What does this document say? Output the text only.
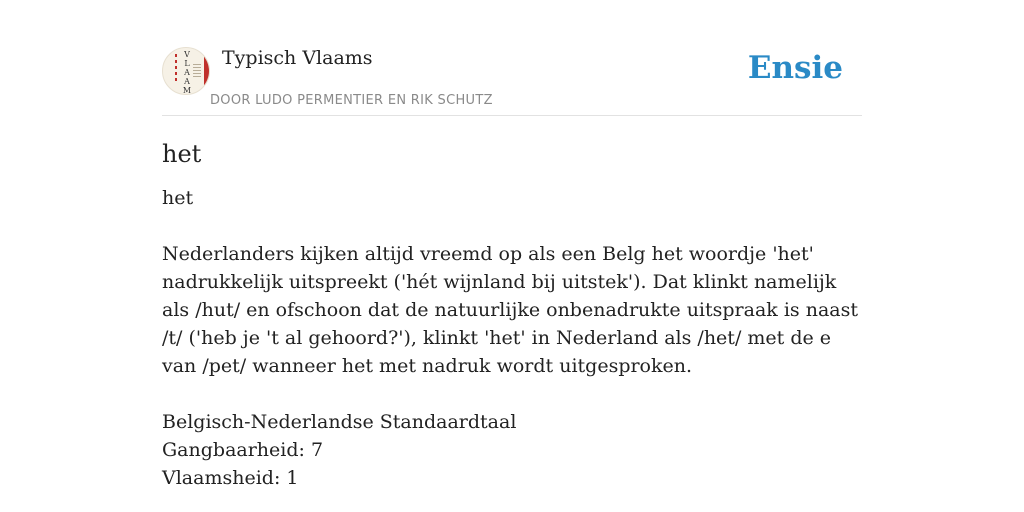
V
L
A
A
M
Typisch Vlaams
DOOR LUDO PERMENTIER EN RIK SCHUTZ
Ensie
het

het

Nederlanders kijken altijd vreemd op als een Belg het woordje 'het' nadrukkelijk uitspreekt ('hét wijnland bij uitstek'). Dat klinkt namelijk als /hut/ en ofschoon dat de natuurlijke onbenadrukte uitspraak is naast /t/ ('heb je 't al gehoord?'), klinkt 'het' in Nederland als /het/ met de e van /pet/ wanneer het met nadruk wordt uitgesproken.

Belgisch-Nederlandse Standaardtaal
Gangbaarheid: 7
Vlaamsheid: 1
